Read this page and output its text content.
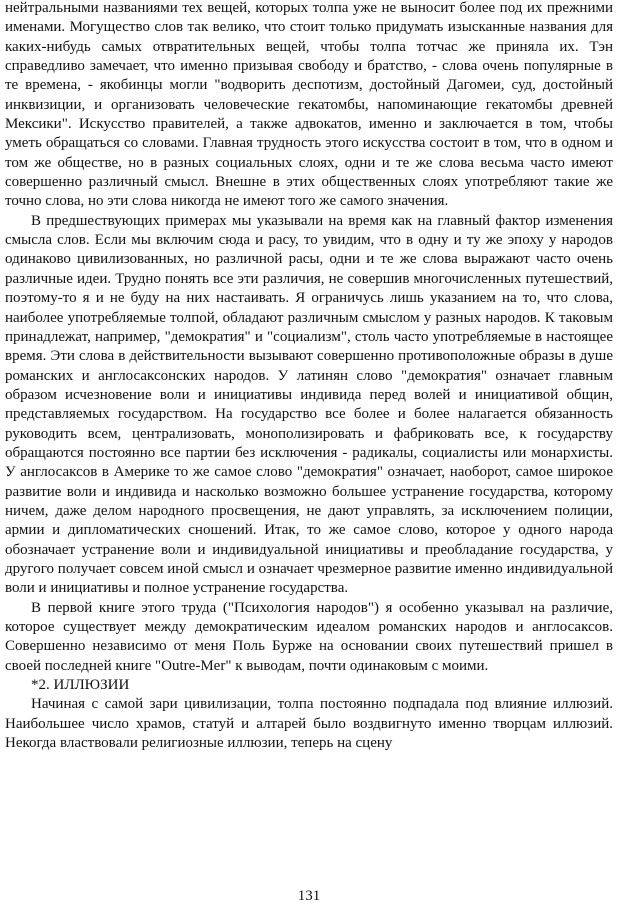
нейтральными названиями тех вещей, которых толпа уже не выносит более под их прежними именами. Могущество слов так велико, что стоит только придумать изысканные названия для каких-нибудь самых отвратительных вещей, чтобы толпа тотчас же приняла их. Тэн справедливо замечает, что именно призывая свободу и братство, - слова очень популярные в те времена, - якобинцы могли "водворить деспотизм, достойный Дагомеи, суд, достойный инквизиции, и организовать человеческие гекатомбы, напоминающие гекатомбы древней Мексики". Искусство правителей, а также адвокатов, именно и заключается в том, чтобы уметь обращаться со словами. Главная трудность этого искусства состоит в том, что в одном и том же обществе, но в разных социальных слоях, одни и те же слова весьма часто имеют совершенно различный смысл. Внешне в этих общественных слоях употребляют такие же точно слова, но эти слова никогда не имеют того же самого значения.

В предшествующих примерах мы указывали на время как на главный фактор изменения смысла слов. Если мы включим сюда и расу, то увидим, что в одну и ту же эпоху у народов одинаково цивилизованных, но различной расы, одни и те же слова выражают часто очень различные идеи. Трудно понять все эти различия, не совершив многочисленных путешествий, поэтому-то я и не буду на них настаивать. Я ограничусь лишь указанием на то, что слова, наиболее употребляемые толпой, обладают различным смыслом у разных народов. К таковым принадлежат, например, "демократия" и "социализм", столь часто употребляемые в настоящее время. Эти слова в действительности вызывают совершенно противоположные образы в душе романских и англосаксонских народов. У латинян слово "демократия" означает главным образом исчезновение воли и инициативы индивида перед волей и инициативой общин, представляемых государством. На государство все более и более налагается обязанность руководить всем, централизовать, монополизировать и фабриковать все, к государству обращаются постоянно все партии без исключения - радикалы, социалисты или монархисты. У англосаксов в Америке то же самое слово "демократия" означает, наоборот, самое широкое развитие воли и индивида и насколько возможно большее устранение государства, которому ничем, даже делом народного просвещения, не дают управлять, за исключением полиции, армии и дипломатических сношений. Итак, то же самое слово, которое у одного народа обозначает устранение воли и индивидуальной инициативы и преобладание государства, у другого получает совсем иной смысл и означает чрезмерное развитие именно индивидуальной воли и инициативы и полное устранение государства.

В первой книге этого труда ("Психология народов") я особенно указывал на различие, которое существует между демократическим идеалом романских народов и англосаксов. Совершенно независимо от меня Поль Бурже на основании своих путешествий пришел в своей последней книге "Outre-Mer" к выводам, почти одинаковым с моими.

*2. ИЛЛЮЗИИ

Начиная с самой зари цивилизации, толпа постоянно подпадала под влияние иллюзий. Наибольшее число храмов, статуй и алтарей было воздвигнуто именно творцам иллюзий. Некогда властвовали религиозные иллюзии, теперь на сцену

131
